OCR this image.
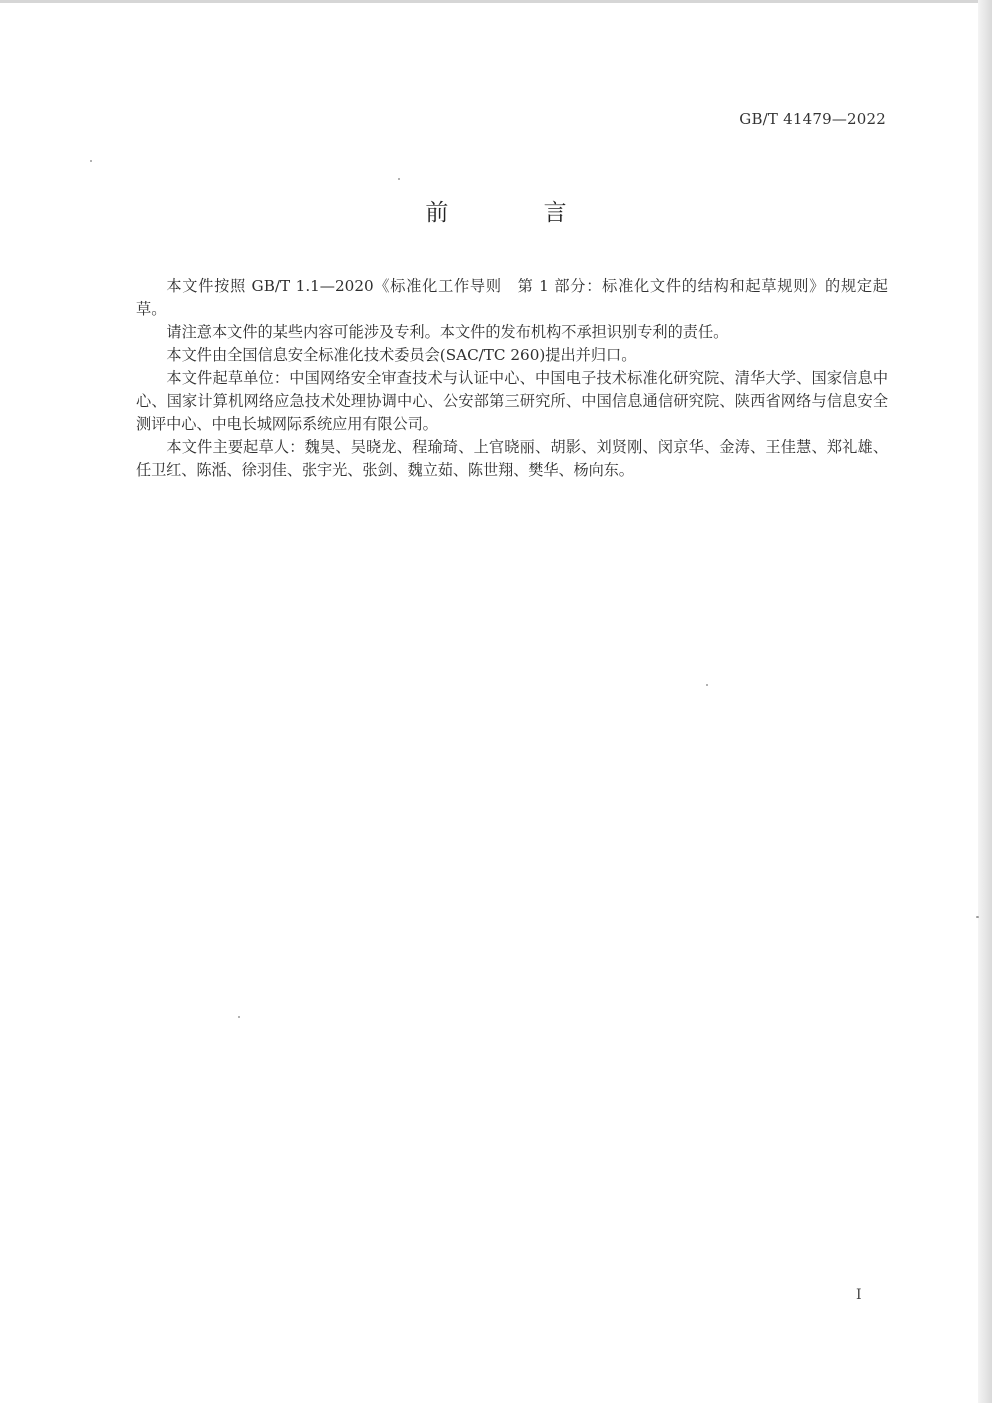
GB/T 41479—2022
前 言

本文件按照 GB/T 1.1—2020《标准化工作导则　第 1 部分：标准化文件的结构和起草规则》的规定起草。

请注意本文件的某些内容可能涉及专利。本文件的发布机构不承担识别专利的责任。

本文件由全国信息安全标准化技术委员会(SAC/TC 260)提出并归口。

本文件起草单位：中国网络安全审查技术与认证中心、中国电子技术标准化研究院、清华大学、国家信息中心、国家计算机网络应急技术处理协调中心、公安部第三研究所、中国信息通信研究院、陕西省网络与信息安全测评中心、中电长城网际系统应用有限公司。

本文件主要起草人：魏昊、吴晓龙、程瑜琦、上官晓丽、胡影、刘贤刚、闵京华、金涛、王佳慧、郑礼雄、任卫红、陈湉、徐羽佳、张宇光、张剑、魏立茹、陈世翔、樊华、杨向东。

I
